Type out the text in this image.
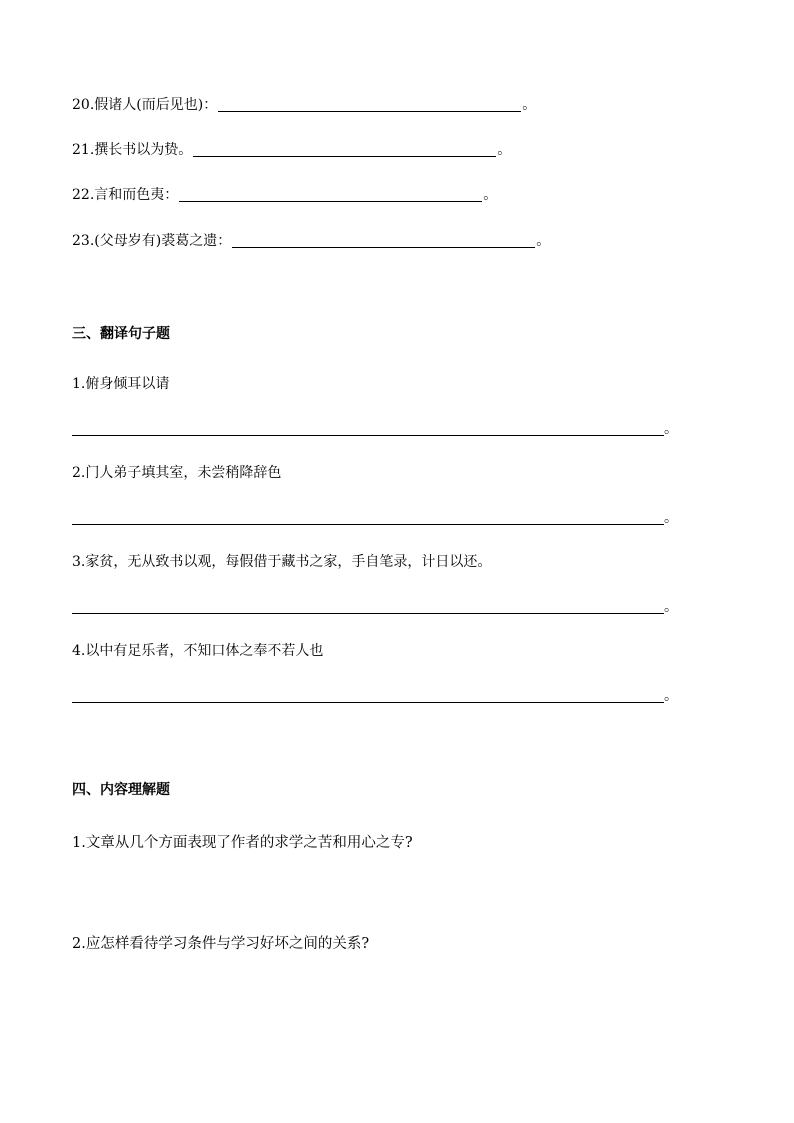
20.假诸人(而后见也)：	。
21.撰长书以为贽。	。
22.言和而色夷：	。
23.(父母岁有)裘葛之遗：	。
三、翻译句子题
1.俯身倾耳以请
。
2.门人弟子填其室，未尝稍降辞色
。
3.家贫，无从致书以观，每假借于藏书之家，手自笔录，计日以还。
。
4.以中有足乐者，不知口体之奉不若人也
。
四、内容理解题
1.文章从几个方面表现了作者的求学之苦和用心之专?
2.应怎样看待学习条件与学习好坏之间的关系?
